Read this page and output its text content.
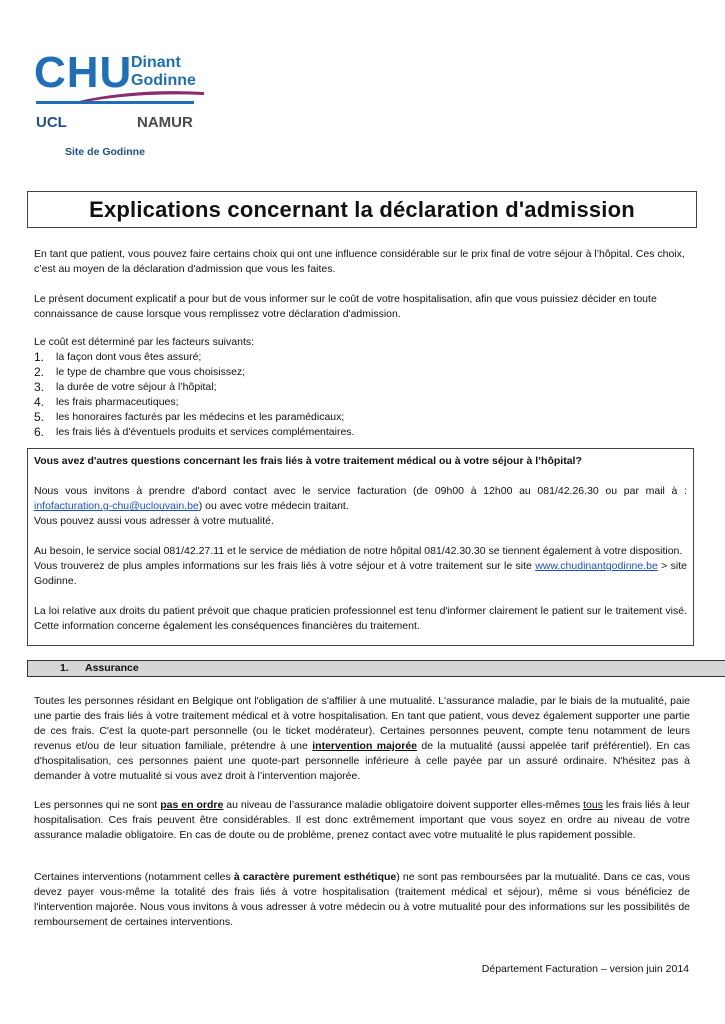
CHU
Dinant
Godinne
UCL	NAMUR
Site de Godinne
Explications concernant la déclaration d'admission

En tant que patient, vous pouvez faire certains choix qui ont une influence considérable sur le prix final de votre séjour à l’hôpital. Ces choix, c’est au moyen de la déclaration d'admission que vous les faites.

Le présent document explicatif a pour but de vous informer sur le coût de votre hospitalisation, afin que vous puissiez décider en toute connaissance de cause lorsque vous remplissez votre déclaration d'admission.

Le coût est déterminé par les facteurs suivants:

1.	la façon dont vous êtes assuré;
2.	le type de chambre que vous choisissez;
3.	la durée de votre séjour à l’hôpital;
4.	les frais pharmaceutiques;
5.	les honoraires facturés par les médecins et les paramédicaux;
6.	les frais liés à d'éventuels produits et services complémentaires.

Vous avez d'autres questions concernant les frais liés à votre traitement médical ou à votre séjour à l’hôpital?

Nous vous invitons à prendre d'abord contact avec le service facturation (de 09h00 à 12h00 au 081/42.26.30 ou par mail à : infofacturation.g-chu@uclouvain.be) ou avec votre médecin traitant.

Vous pouvez aussi vous adresser à votre mutualité.

Au besoin, le service social 081/42.27.11 et le service de médiation de notre hôpital 081/42.30.30 se tiennent également à votre disposition.

Vous trouverez de plus amples informations sur les frais liés à votre séjour et à votre traitement sur le site www.chudinantgodinne.be > site Godinne.

La loi relative aux droits du patient prévoit que chaque praticien professionnel est tenu d'informer clairement le patient sur le traitement visé. Cette information concerne également les conséquences financières du traitement.

1. Assurance

Toutes les personnes résidant en Belgique ont l'obligation de s'affilier à une mutualité. L'assurance maladie, par le biais de la mutualité, paie une partie des frais liés à votre traitement médical et à votre hospitalisation. En tant que patient, vous devez également supporter une partie de ces frais. C'est la quote-part personnelle (ou le ticket modérateur). Certaines personnes peuvent, compte tenu notamment de leurs revenus et/ou de leur situation familiale, prétendre à une intervention majorée de la mutualité (aussi appelée tarif préférentiel). En cas d'hospitalisation, ces personnes paient une quote-part personnelle inférieure à celle payée par un assuré ordinaire. N'hésitez pas à demander à votre mutualité si vous avez droit à l’intervention majorée.

Les personnes qui ne sont pas en ordre au niveau de l’assurance maladie obligatoire doivent supporter elles-mêmes tous les frais liés à leur hospitalisation. Ces frais peuvent être considérables. Il est donc extrêmement important que vous soyez en ordre au niveau de votre assurance maladie obligatoire. En cas de doute ou de problème, prenez contact avec votre mutualité le plus rapidement possible.

Certaines interventions (notamment celles à caractère purement esthétique) ne sont pas remboursées par la mutualité. Dans ce cas, vous devez payer vous-même la totalité des frais liés à votre hospitalisation (traitement médical et séjour), même si vous bénéficiez de l'intervention majorée. Nous vous invitons à vous adresser à votre médecin ou à votre mutualité pour des informations sur les possibilités de remboursement de certaines interventions.

Département Facturation – version juin 2014
